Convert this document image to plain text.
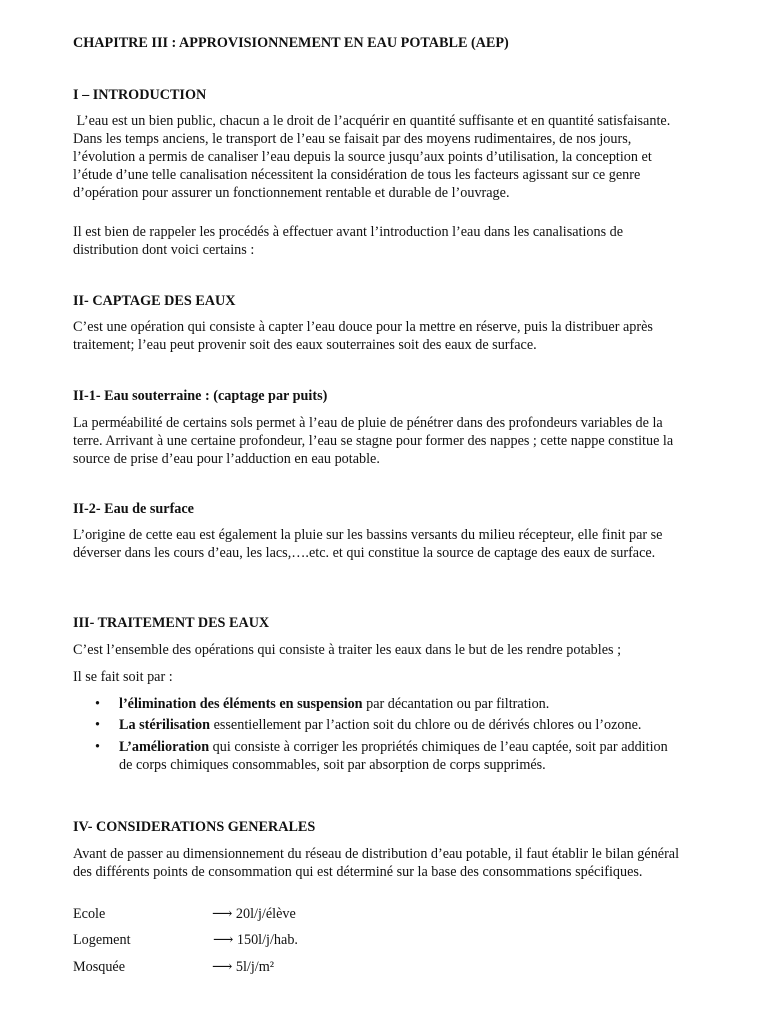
CHAPITRE III : APPROVISIONNEMENT EN EAU POTABLE (AEP)

I – INTRODUCTION

L’eau est un bien public, chacun a le droit de l’acquérir en quantité suffisante et en quantité satisfaisante. Dans les temps anciens, le transport de l’eau se faisait par des moyens rudimentaires, de nos jours, l’évolution a permis de canaliser l’eau depuis la source jusqu’aux points d’utilisation, la conception et l’étude d’une telle canalisation nécessitent la considération de tous les facteurs agissant sur ce genre d’opération pour assurer un fonctionnement rentable et durable de l’ouvrage.

Il est bien de rappeler les procédés à effectuer avant l’introduction l’eau dans les canalisations de distribution dont voici certains :

II- CAPTAGE DES EAUX

C’est une opération qui consiste à capter l’eau douce pour la mettre en réserve, puis la distribuer après traitement; l’eau peut provenir soit des eaux souterraines soit des eaux de surface.

II-1- Eau souterraine : (captage par puits)

La perméabilité de certains sols permet à l’eau de pluie de pénétrer dans des profondeurs variables de la terre. Arrivant à une certaine profondeur, l’eau se stagne pour former des nappes ; cette nappe constitue la source de prise d’eau pour l’adduction en eau potable.

II-2- Eau de surface

L’origine de cette eau est également la pluie sur les bassins versants du milieu récepteur, elle finit par se déverser dans les cours d’eau, les lacs,….etc. et qui constitue la source de captage des eaux de surface.

III- TRAITEMENT DES EAUX

C’est l’ensemble des opérations qui consiste à traiter les eaux dans le but de les rendre potables ;

Il se fait soit par :

• l’élimination des éléments en suspension par décantation ou par filtration.
• La stérilisation essentiellement par l’action soit du chlore ou de dérivés chlores ou l’ozone.
• L’amélioration qui consiste à corriger les propriétés chimiques de l’eau captée, soit par addition de corps chimiques consommables, soit par absorption de corps supprimés.

IV- CONSIDERATIONS GENERALES

Avant de passer au dimensionnement du réseau de distribution d’eau potable, il faut établir le bilan général des différents points de consommation qui est déterminé sur la base des consommations spécifiques.

Ecole	⟶ 20l/j/élève
Logement	⟶ 150l/j/hab.
Mosquée	⟶ 5l/j/m²
